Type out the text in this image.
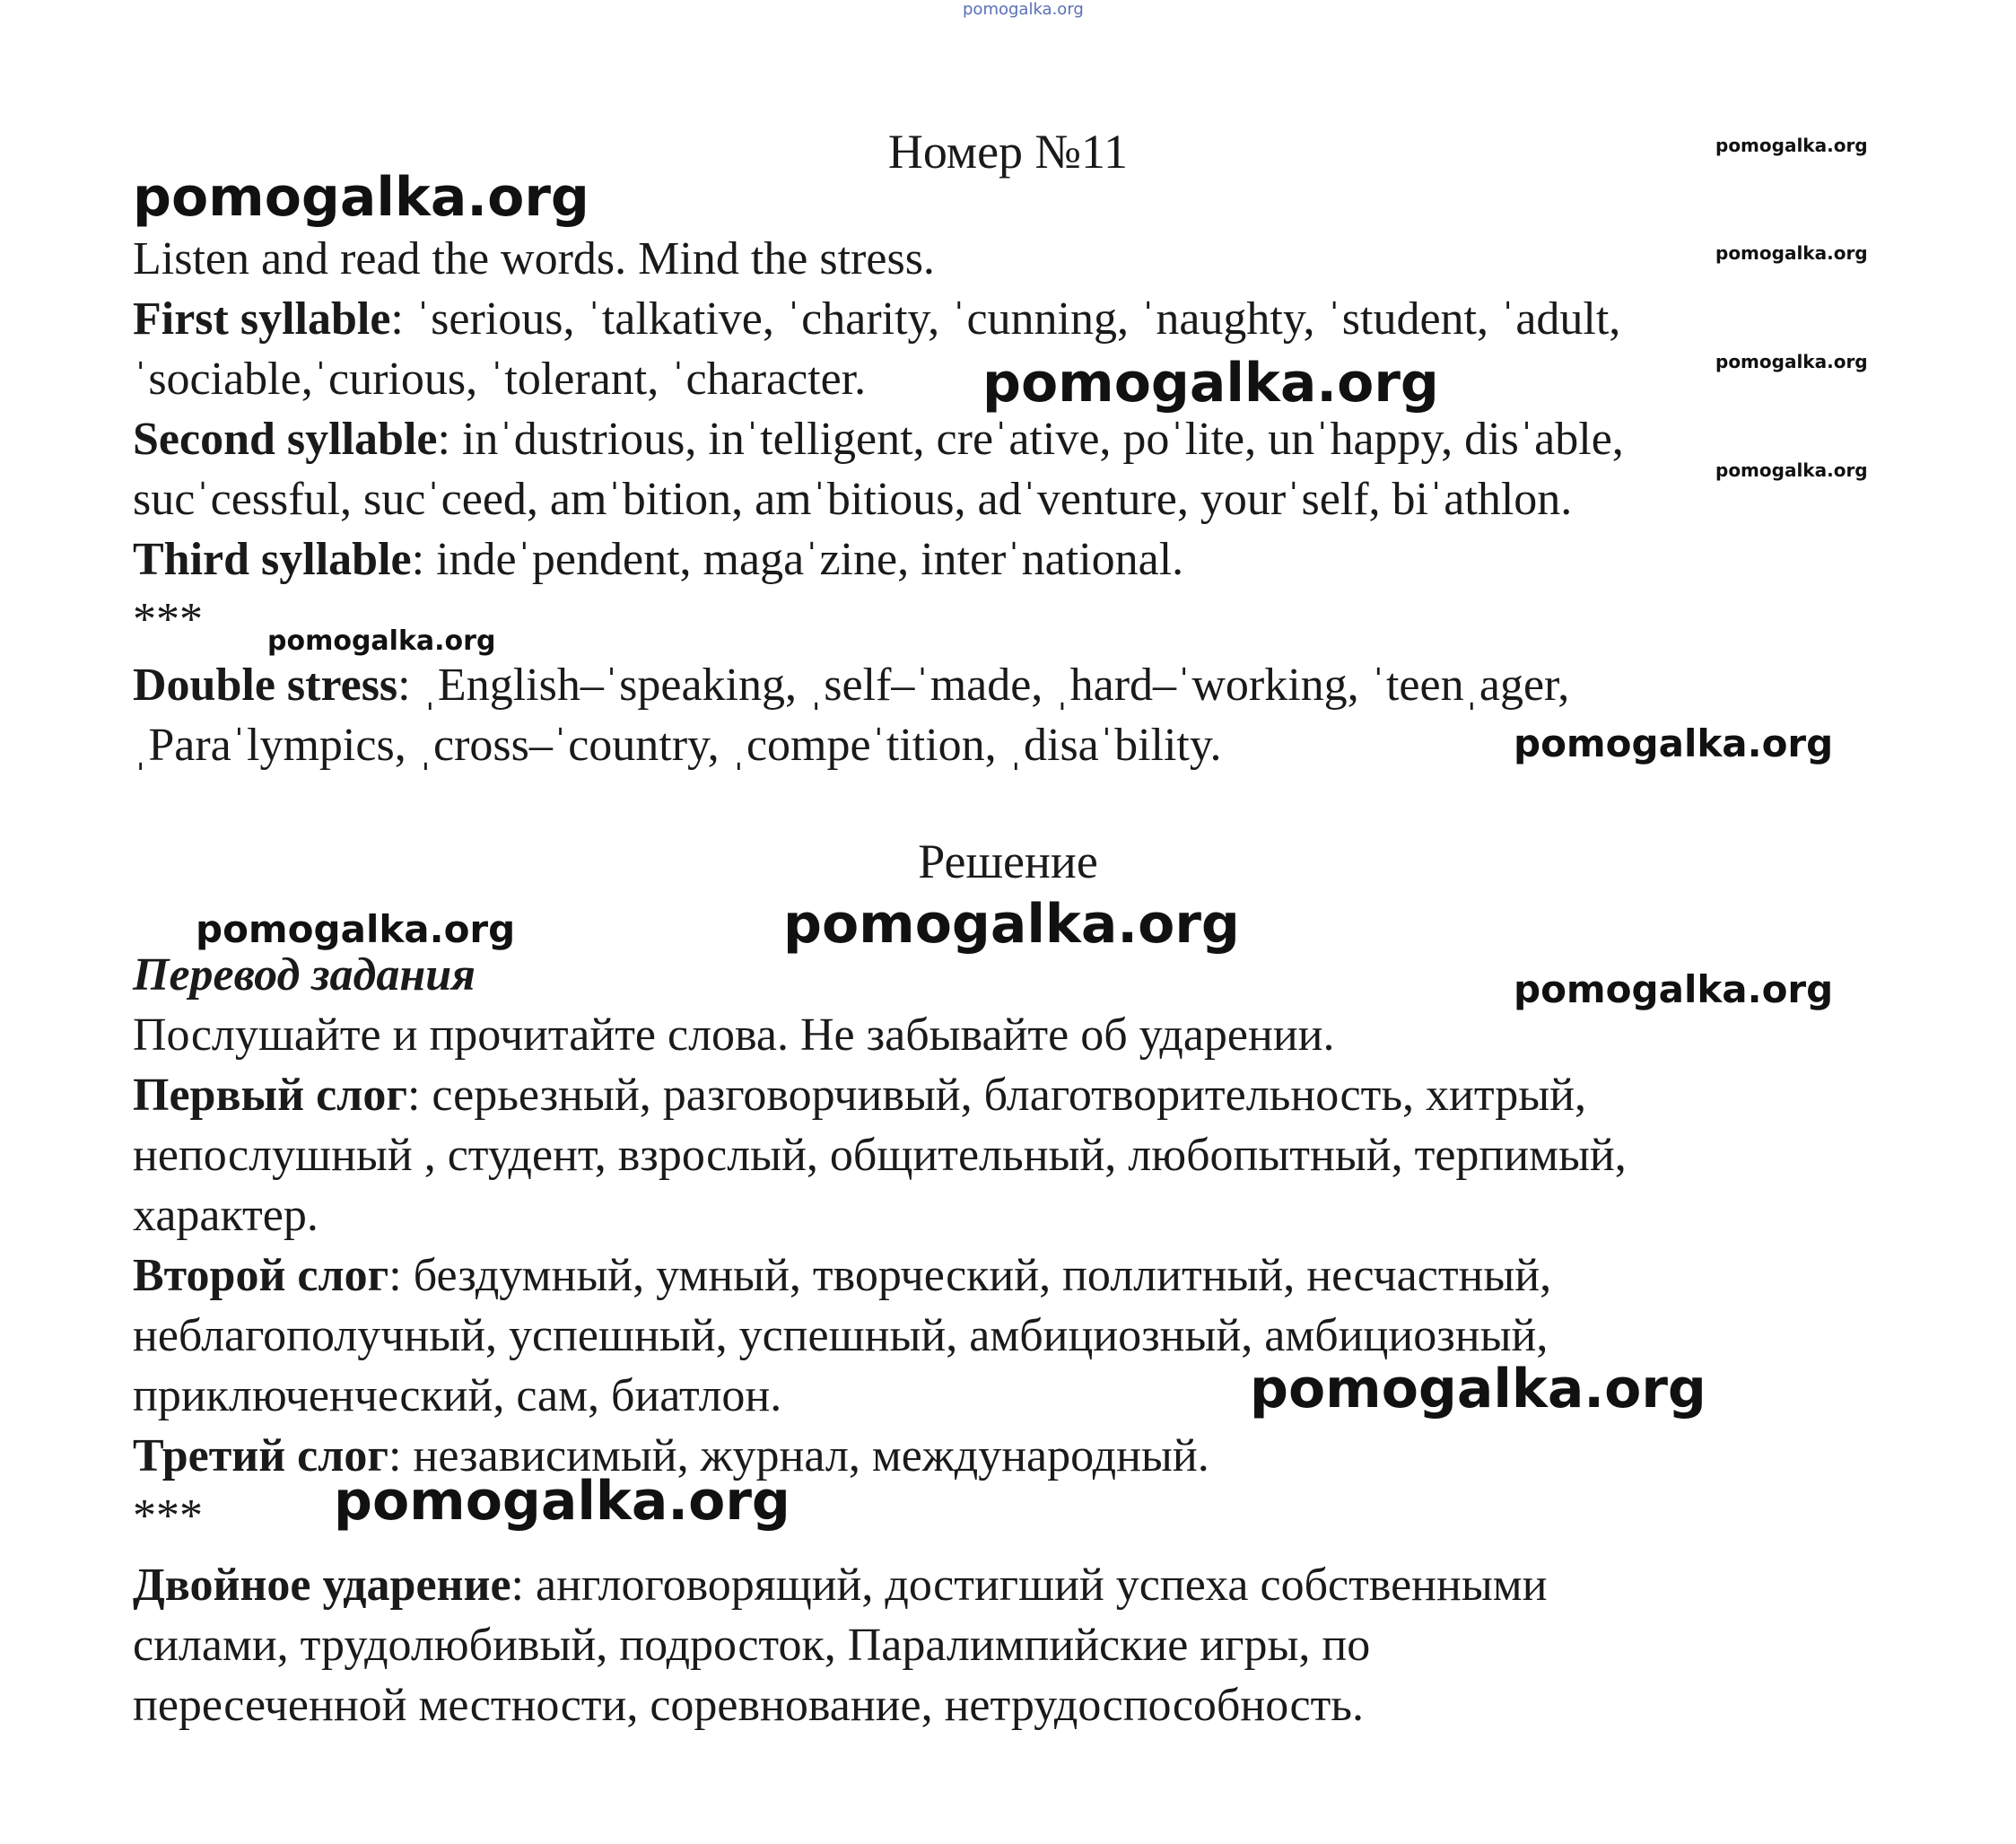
pomogalka.org
pomogalka.org
pomogalka.org
pomogalka.org
pomogalka.org
pomogalka.org
pomogalka.org
pomogalka.org
pomogalka.org
pomogalka.org	pomogalka.org
pomogalka.org
pomogalka.org
pomogalka.org
Номер №11

Listen and read the words. Mind the stress.

First syllable: ˈserious, ˈtalkative, ˈcharity, ˈcunning, ˈnaughty, ˈstudent, ˈadult,

ˈsociable,ˈcurious, ˈtolerant, ˈcharacter.

Second syllable: inˈdustrious, inˈtelligent, creˈative, poˈlite, unˈhappy, disˈable,

sucˈcessful, sucˈceed, amˈbition, amˈbitious, adˈventure, yourˈself, biˈathlon.

Third syllable: indeˈpendent, magaˈzine, interˈnational.

***

Double stress: ˌEnglish–ˈspeaking, ˌself–ˈmade, ˌhard–ˈworking, ˈteenˌager,

ˌParaˈlympics, ˌcross–ˈcountry, ˌcompeˈtition, ˌdisaˈbility.

Решение

Перевод задания

Послушайте и прочитайте слова. Не забывайте об ударении.

Первый слог: серьезный, разговорчивый, благотворительность, хитрый,

непослушный , студент, взрослый, общительный, любопытный, терпимый,

характер.

Второй слог: бездумный, умный, творческий, поллитный, несчастный,

неблагополучный, успешный, успешный, амбициозный, амбициозный,

приключенческий, сам, биатлон.

Третий слог: независимый, журнал, международный.

***

Двойное ударение: англоговорящий, достигший успеха собственными

силами, трудолюбивый, подросток, Паралимпийские игры, по

пересеченной местности, соревнование, нетрудоспособность.
